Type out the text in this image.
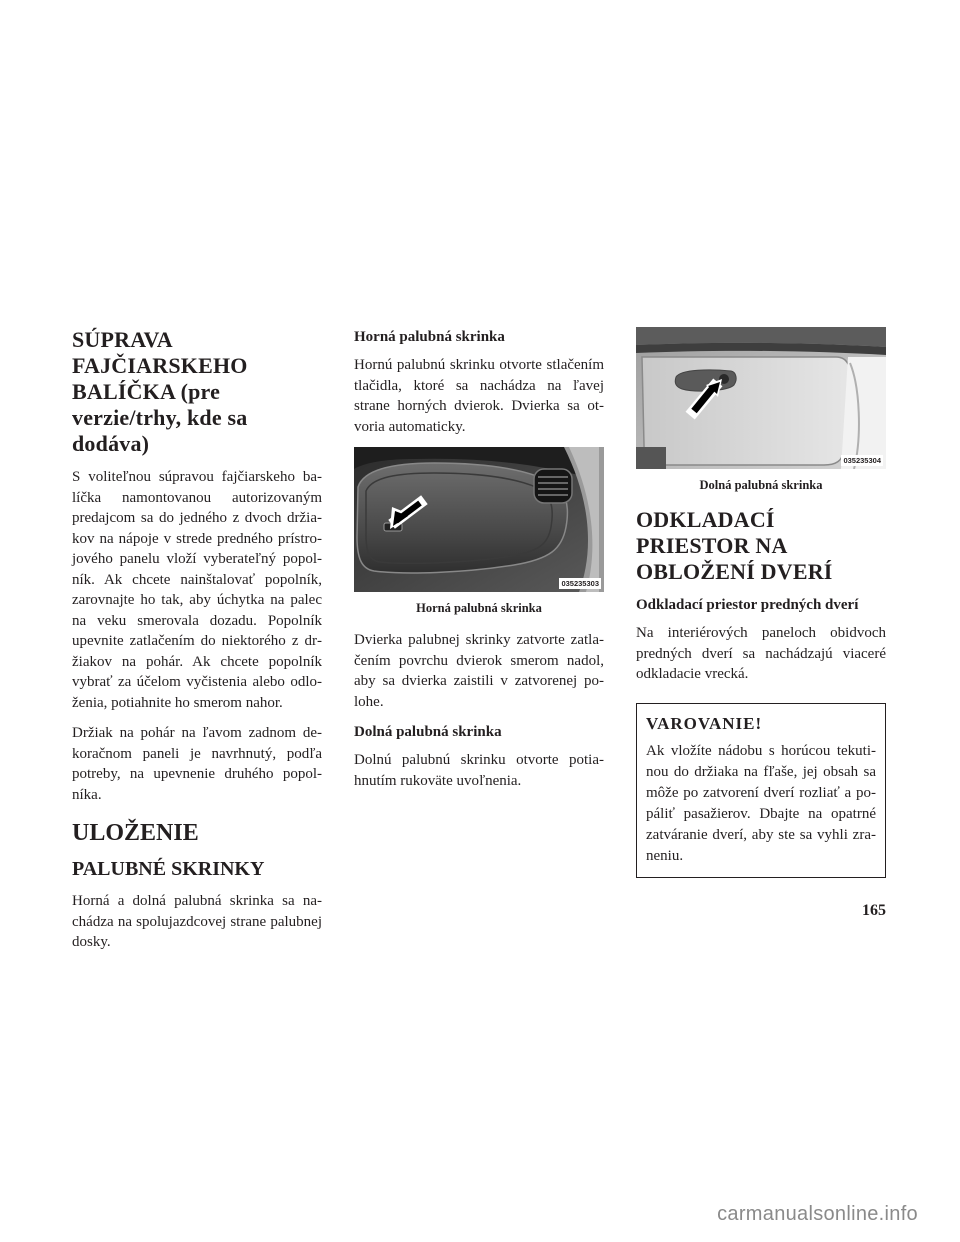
SÚPRAVA FAJČIARSKEHO BALÍČKA (pre verzie/trhy, kde sa dodáva)

S voliteľnou súpravou fajčiarskeho balíčka namontovanou autorizovaným predajcom sa do jedného z dvoch držiakov na nápoje v strede predného prístrojového panelu vloží vyberateľný popolník. Ak chcete nainštalovať popolník, zarovnajte ho tak, aby úchytka na palec na veku smerovala dozadu. Popolník upevnite zatlačením do niektorého z držiakov na pohár. Ak chcete popolník vybrať za účelom vyčistenia alebo odloženia, potiahnite ho smerom nahor.

Držiak na pohár na ľavom zadnom dekoračnom paneli je navrhnutý, podľa potreby, na upevnenie druhého popolníka.

ULOŽENIE
PALUBNÉ SKRINKY

Horná a dolná palubná skrinka sa nachádza na spolujazdcovej strane palubnej dosky.

Horná palubná skrinka

Hornú palubnú skrinku otvorte stlačením tlačidla, ktoré sa nachádza na ľavej strane horných dvierok. Dvierka sa otvoria automaticky.

035235303

Horná palubná skrinka

Dvierka palubnej skrinky zatvorte zatlačením povrchu dvierok smerom nadol, aby sa dvierka zaistili v zatvorenej polohe.

Dolná palubná skrinka

Dolnú palubnú skrinku otvorte potiahnutím rukoväte uvoľnenia.

035235304

Dolná palubná skrinka

ODKLADACÍ PRIESTOR NA OBLOŽENÍ DVERÍ
Odkladací priestor predných dverí

Na interiérových paneloch obidvoch predných dverí sa nachádzajú viaceré odkladacie vrecká.

VAROVANIE!

Ak vložíte nádobu s horúcou tekutinou do držiaka na fľaše, jej obsah sa môže po zatvorení dverí rozliať a popáliť pasažierov. Dbajte na opatrné zatváranie dverí, aby ste sa vyhli zraneniu.

165
carmanualsonline.info
